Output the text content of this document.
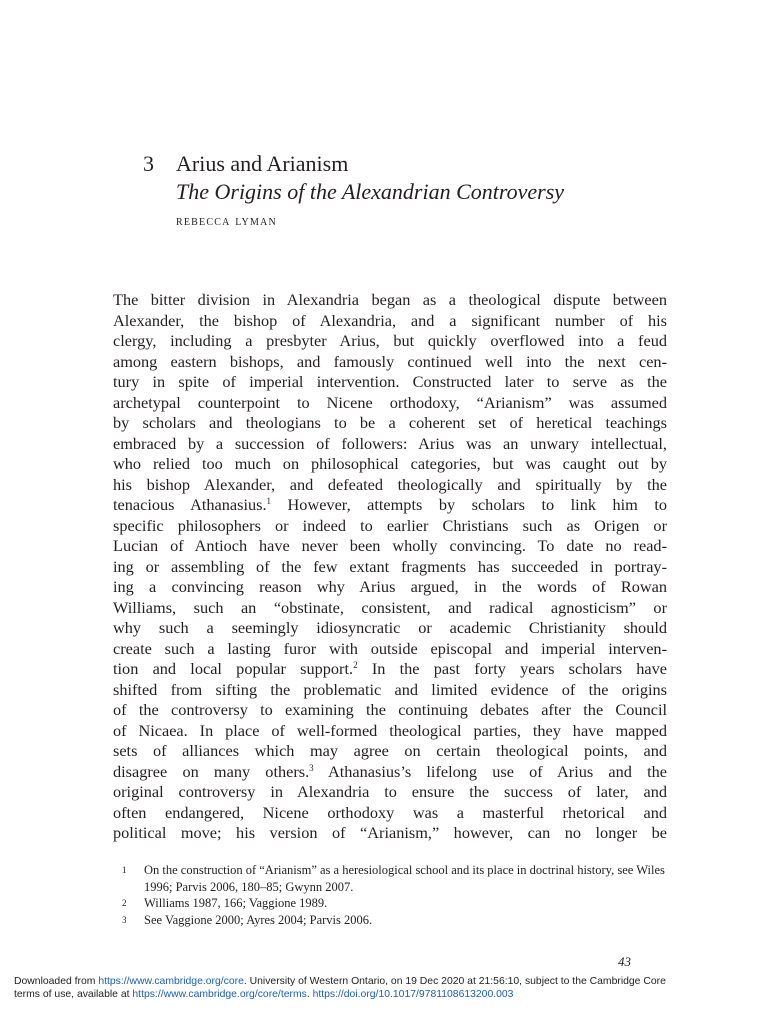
3 Arius and Arianism
The Origins of the Alexandrian Controversy
rebecca lyman

The bitter division in Alexandria began as a theological dispute between

Alexander, the bishop of Alexandria, and a significant number of his

clergy, including a presbyter Arius, but quickly overflowed into a feud

among eastern bishops, and famously continued well into the next cen-

tury in spite of imperial intervention. Constructed later to serve as the

archetypal counterpoint to Nicene orthodoxy, “Arianism” was assumed

by scholars and theologians to be a coherent set of heretical teachings

embraced by a succession of followers: Arius was an unwary intellectual,

who relied too much on philosophical categories, but was caught out by

his bishop Alexander, and defeated theologically and spiritually by the

tenacious Athanasius.$^1$ However, attempts by scholars to link him to

specific philosophers or indeed to earlier Christians such as Origen or

Lucian of Antioch have never been wholly convincing. To date no read-

ing or assembling of the few extant fragments has succeeded in portray-

ing a convincing reason why Arius argued, in the words of Rowan

Williams, such an “obstinate, consistent, and radical agnosticism” or

why such a seemingly idiosyncratic or academic Christianity should

create such a lasting furor with outside episcopal and imperial interven-

tion and local popular support.$^2$ In the past forty years scholars have

shifted from sifting the problematic and limited evidence of the origins

of the controversy to examining the continuing debates after the Council

of Nicaea. In place of well-formed theological parties, they have mapped

sets of alliances which may agree on certain theological points, and

disagree on many others.$^3$ Athanasius’s lifelong use of Arius and the

original controversy in Alexandria to ensure the success of later, and

often endangered, Nicene orthodoxy was a masterful rhetorical and

political move; his version of “Arianism,” however, can no longer be

1	On the construction of “Arianism” as a heresiological school and its place in doctrinal history, see Wiles 1996; Parvis 2006, 180–85; Gwynn 2007.
2	Williams 1987, 166; Vaggione 1989.
3	See Vaggione 2000; Ayres 2004; Parvis 2006.
43
Downloaded from https://www.cambridge.org/core. University of Western Ontario, on 19 Dec 2020 at 21:56:10, subject to the Cambridge Core
terms of use, available at https://www.cambridge.org/core/terms. https://doi.org/10.1017/9781108613200.003
